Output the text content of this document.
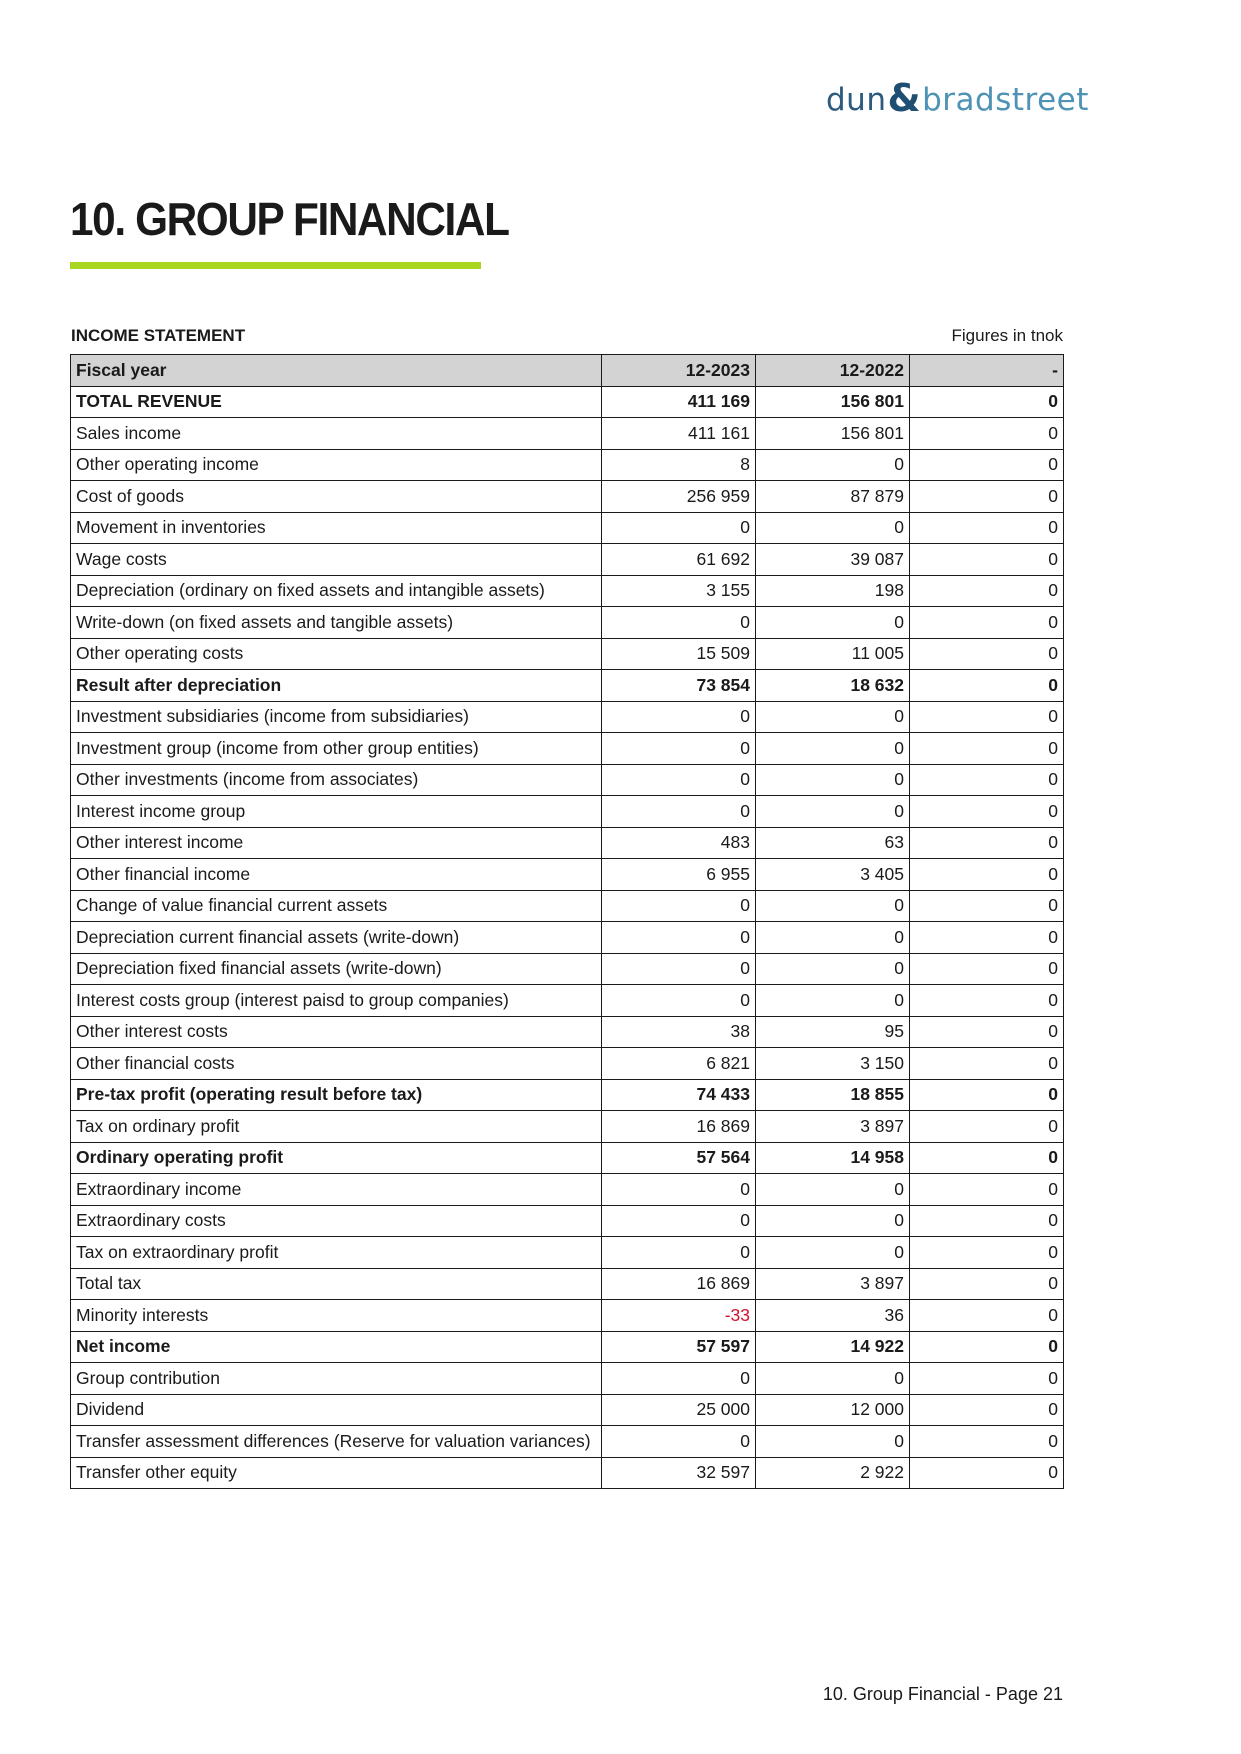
dun & bradstreet
10. GROUP FINANCIAL
INCOME STATEMENT	Figures in tnok
Fiscal year	12-2023	12-2022	-
TOTAL REVENUE	411 169	156 801	0
Sales income	411 161	156 801	0
Other operating income	8	0	0
Cost of goods	256 959	87 879	0
Movement in inventories	0	0	0
Wage costs	61 692	39 087	0
Depreciation (ordinary on fixed assets and intangible assets)	3 155	198	0
Write-down (on fixed assets and tangible assets)	0	0	0
Other operating costs	15 509	11 005	0
Result after depreciation	73 854	18 632	0
Investment subsidiaries (income from subsidiaries)	0	0	0
Investment group (income from other group entities)	0	0	0
Other investments (income from associates)	0	0	0
Interest income group	0	0	0
Other interest income	483	63	0
Other financial income	6 955	3 405	0
Change of value financial current assets	0	0	0
Depreciation current financial assets (write-down)	0	0	0
Depreciation fixed financial assets (write-down)	0	0	0
Interest costs group (interest paisd to group companies)	0	0	0
Other interest costs	38	95	0
Other financial costs	6 821	3 150	0
Pre-tax profit (operating result before tax)	74 433	18 855	0
Tax on ordinary profit	16 869	3 897	0
Ordinary operating profit	57 564	14 958	0
Extraordinary income	0	0	0
Extraordinary costs	0	0	0
Tax on extraordinary profit	0	0	0
Total tax	16 869	3 897	0
Minority interests	-33	36	0
Net income	57 597	14 922	0
Group contribution	0	0	0
Dividend	25 000	12 000	0
Transfer assessment differences (Reserve for valuation variances)	0	0	0
Transfer other equity	32 597	2 922	0
10. Group Financial - Page 21
